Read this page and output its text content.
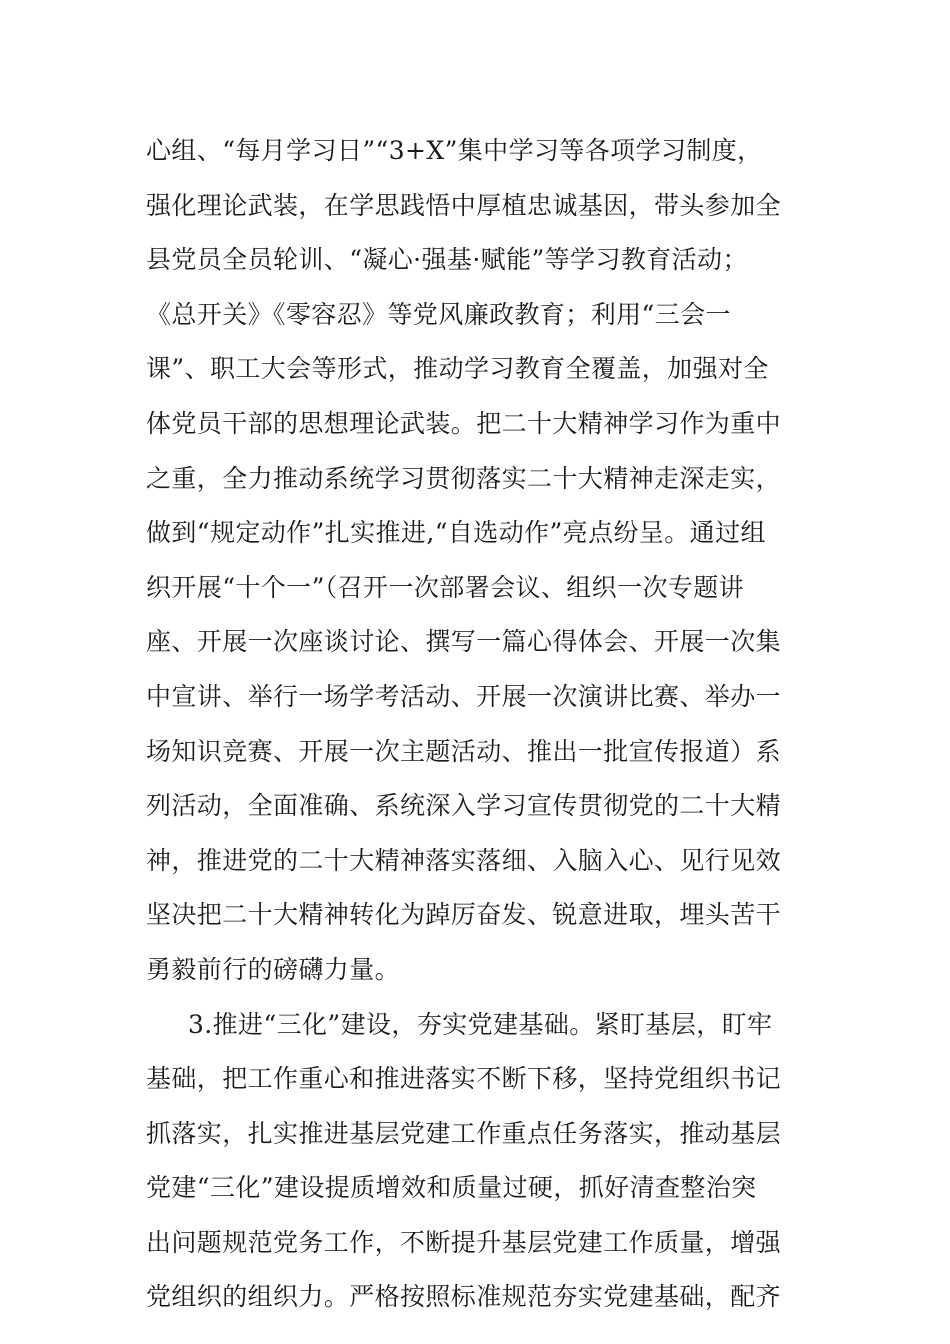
心组、“每月学习日”“3+X”集中学习等各项学习制度，
强化理论武装，在学思践悟中厚植忠诚基因，带头参加全
县党员全员轮训、“凝心·强基·赋能”等学习教育活动；
《总开关》《零容忍》等党风廉政教育；利用“三会一
课”、职工大会等形式，推动学习教育全覆盖，加强对全
体党员干部的思想理论武装。把二十大精神学习作为重中
之重，全力推动系统学习贯彻落实二十大精神走深走实，
做到“规定动作”扎实推进,“自选动作”亮点纷呈。通过组
织开展“十个一”（召开一次部署会议、组织一次专题讲
座、开展一次座谈讨论、撰写一篇心得体会、开展一次集
中宣讲、举行一场学考活动、开展一次演讲比赛、举办一
场知识竞赛、开展一次主题活动、推出一批宣传报道）系
列活动，全面准确、系统深入学习宣传贯彻党的二十大精
神，推进党的二十大精神落实落细、入脑入心、见行见效
坚决把二十大精神转化为踔厉奋发、锐意进取，埋头苦干
勇毅前行的磅礴力量。
3.推进“三化”建设，夯实党建基础。紧盯基层，盯牢
基础，把工作重心和推进落实不断下移，坚持党组织书记
抓落实，扎实推进基层党建工作重点任务落实，推动基层
党建“三化”建设提质增效和质量过硬，抓好清查整治突
出问题规范党务工作，不断提升基层党建工作质量，增强
党组织的组织力。严格按照标准规范夯实党建基础，配齐
